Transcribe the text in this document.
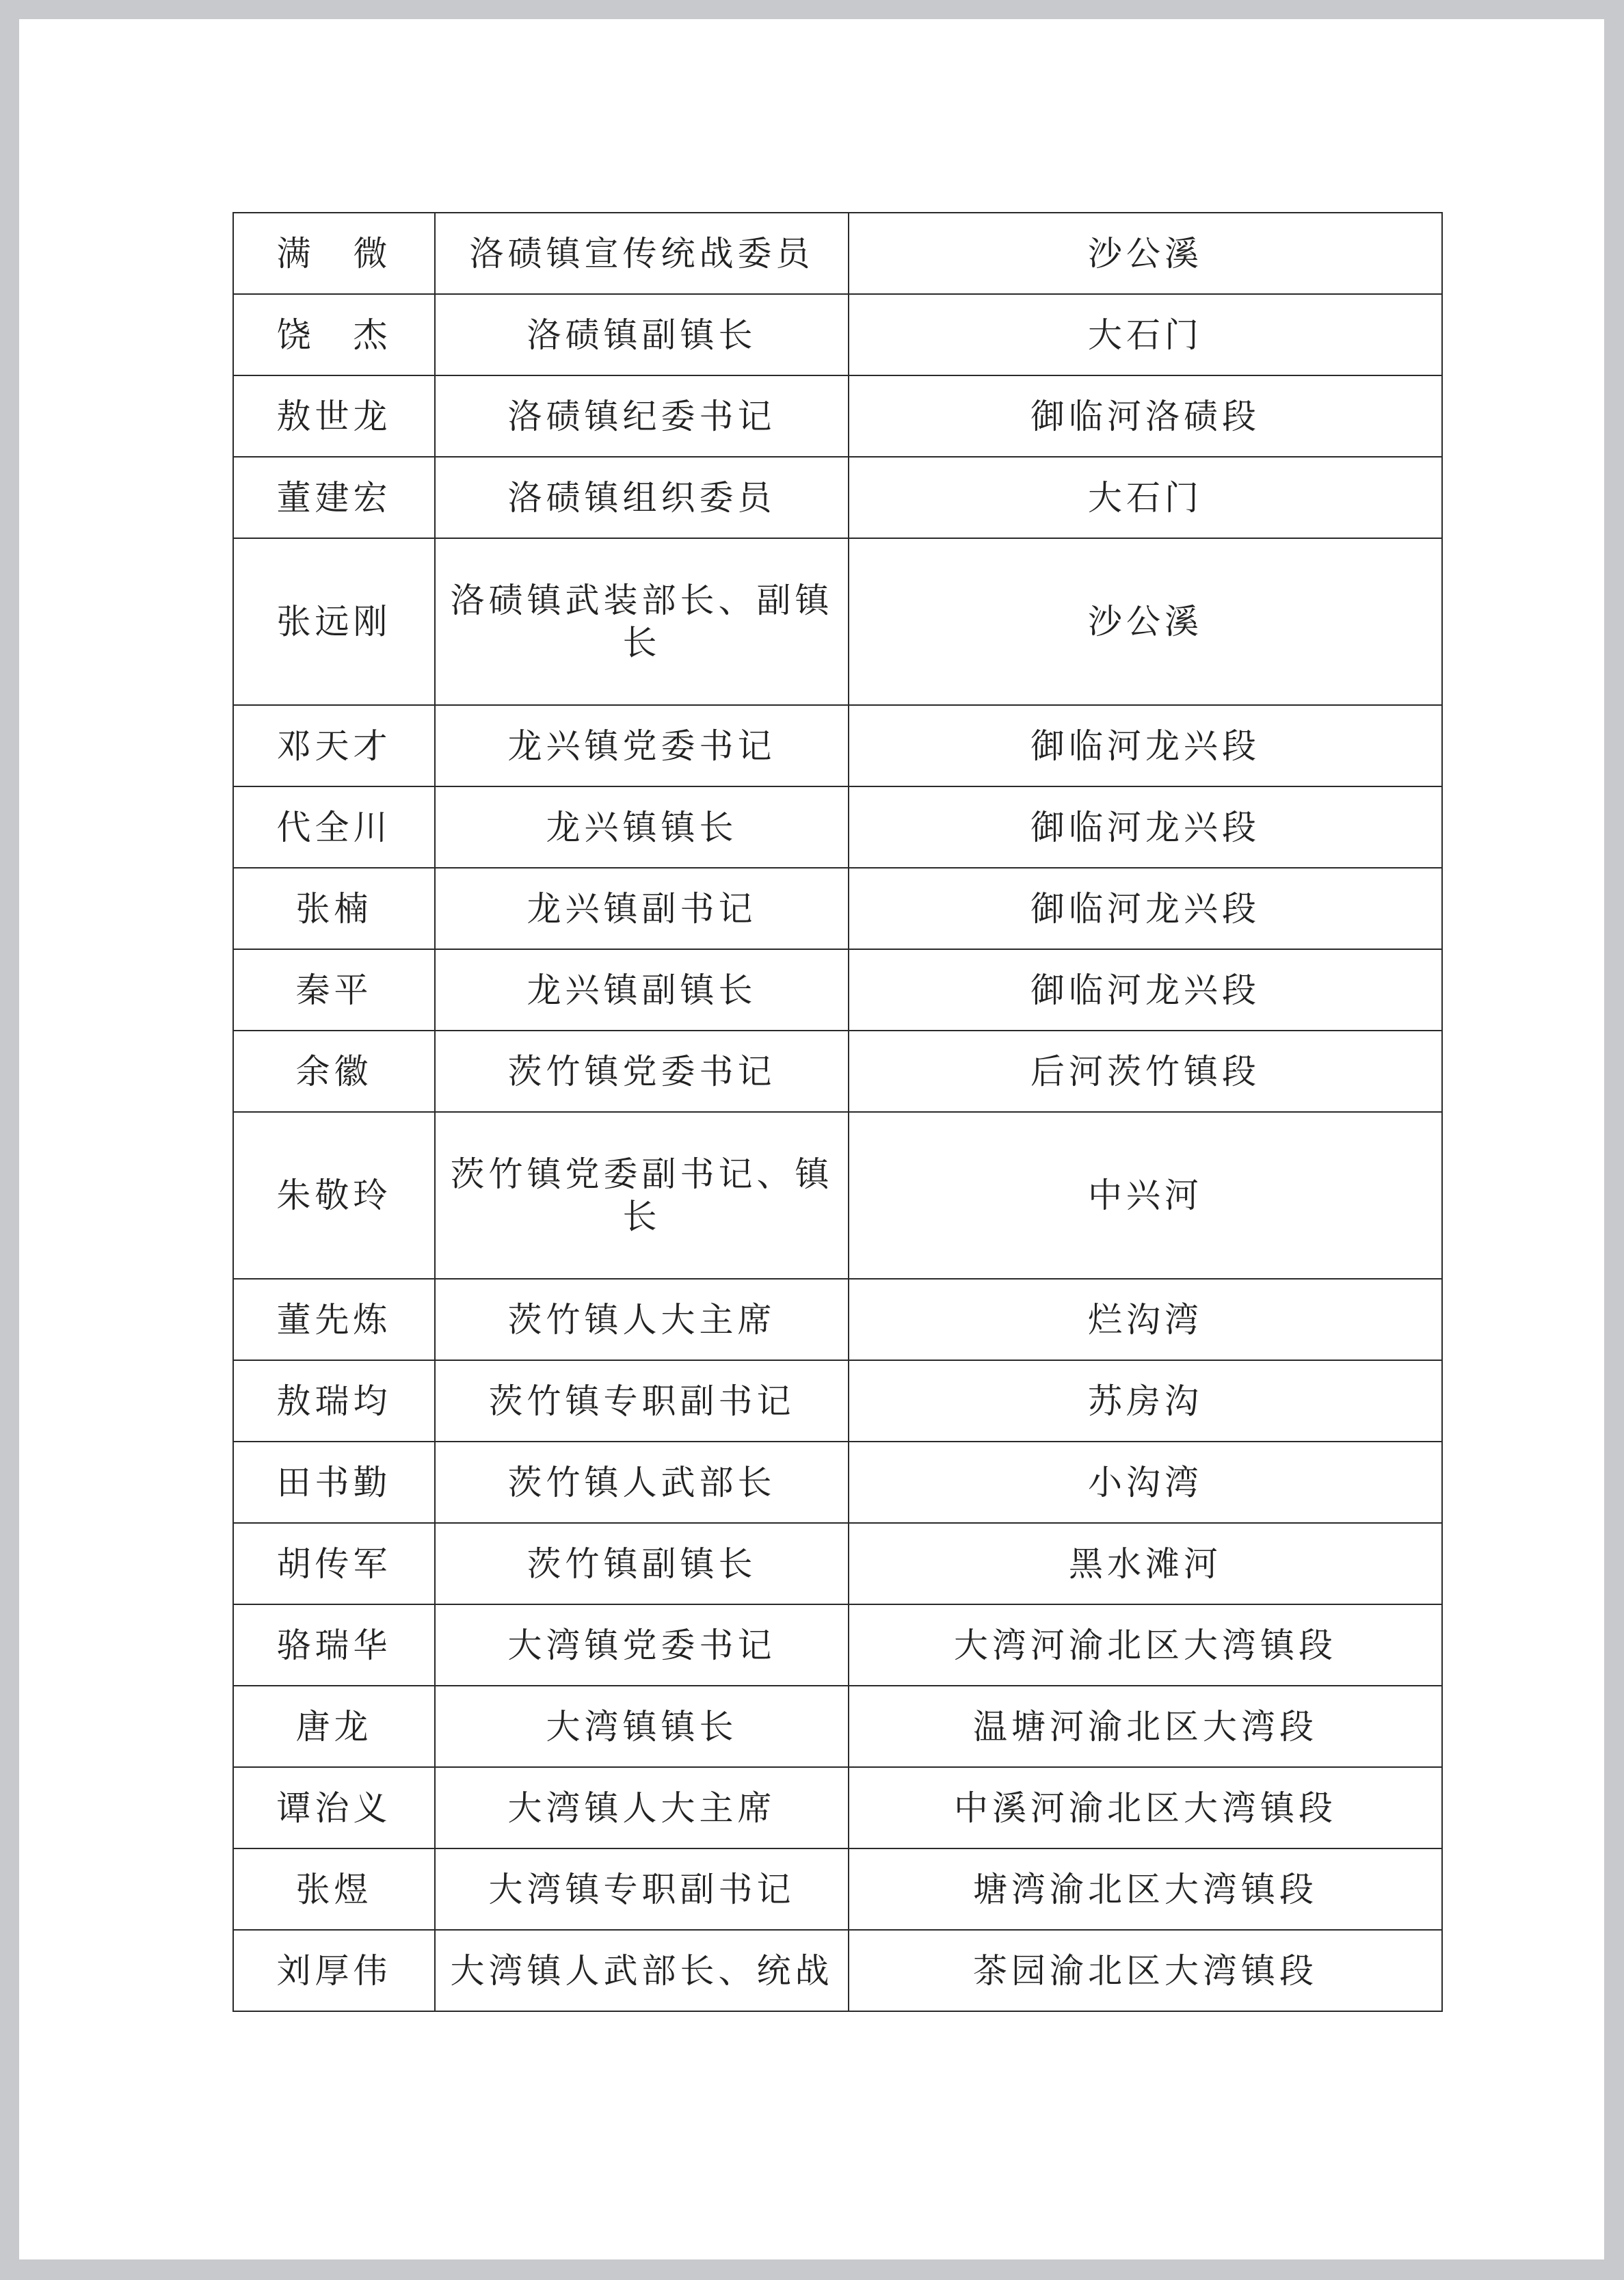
满　微	洛碛镇宣传统战委员	沙公溪
饶　杰	洛碛镇副镇长	大石门
敖世龙	洛碛镇纪委书记	御临河洛碛段
董建宏	洛碛镇组织委员	大石门
张远刚	洛碛镇武装部长、副镇长	沙公溪
邓天才	龙兴镇党委书记	御临河龙兴段
代全川	龙兴镇镇长	御临河龙兴段
张楠	龙兴镇副书记	御临河龙兴段
秦平	龙兴镇副镇长	御临河龙兴段
余徽	茨竹镇党委书记	后河茨竹镇段
朱敬玲	茨竹镇党委副书记、镇长	中兴河
董先炼	茨竹镇人大主席	烂沟湾
敖瑞均	茨竹镇专职副书记	苏房沟
田书勤	茨竹镇人武部长	小沟湾
胡传军	茨竹镇副镇长	黑水滩河
骆瑞华	大湾镇党委书记	大湾河渝北区大湾镇段
唐龙	大湾镇镇长	温塘河渝北区大湾段
谭治义	大湾镇人大主席	中溪河渝北区大湾镇段
张煜	大湾镇专职副书记	塘湾渝北区大湾镇段
刘厚伟	大湾镇人武部长、统战	茶园渝北区大湾镇段
